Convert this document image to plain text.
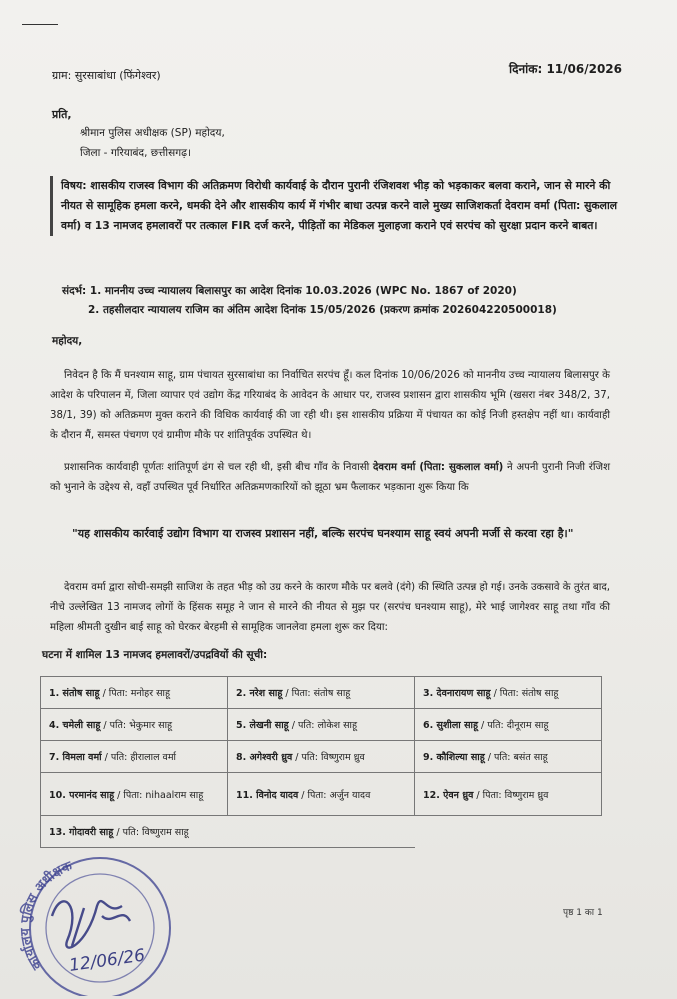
ग्राम: सुरसाबांधा (फिंगेश्वर)	दिनांक: 11/06/2026
प्रति,
श्रीमान पुलिस अधीक्षक (SP) महोदय,
जिला - गरियाबंद, छत्तीसगढ़।
विषय: शासकीय राजस्व विभाग की अतिक्रमण विरोधी कार्यवाई के दौरान पुरानी रंजिशवश भीड़ को भड़काकर बलवा कराने, जान से मारने की नीयत से सामूहिक हमला करने, धमकी देने और शासकीय कार्य में गंभीर बाधा उत्पन्न करने वाले मुख्य साजिशकर्ता देवराम वर्मा (पिता: सुकलाल वर्मा) व 13 नामजद हमलावरों पर तत्काल FIR दर्ज करने, पीड़ितों का मेडिकल मुलाहजा कराने एवं सरपंच को सुरक्षा प्रदान करने बाबत।
संदर्भ: 1. माननीय उच्च न्यायालय बिलासपुर का आदेश दिनांक 10.03.2026 (WPC No. 1867 of 2020)
2. तहसीलदार न्यायालय राजिम का अंतिम आदेश दिनांक 15/05/2026 (प्रकरण क्रमांक 202604220500018)
महोदय,
निवेदन है कि मैं घनश्याम साहू, ग्राम पंचायत सुरसाबांधा का निर्वाचित सरपंच हूँ। कल दिनांक 10/06/2026 को माननीय उच्च न्यायालय बिलासपुर के आदेश के परिपालन में, जिला व्यापार एवं उद्योग केंद्र गरियाबंद के आवेदन के आधार पर, राजस्व प्रशासन द्वारा शासकीय भूमि (खसरा नंबर 348/2, 37, 38/1, 39) को अतिक्रमण मुक्त कराने की विधिक कार्यवाई की जा रही थी। इस शासकीय प्रक्रिया में पंचायत का कोई निजी हस्तक्षेप नहीं था। कार्यवाही के दौरान मैं, समस्त पंचगण एवं ग्रामीण मौके पर शांतिपूर्वक उपस्थित थे।
प्रशासनिक कार्यवाही पूर्णतः शांतिपूर्ण ढंग से चल रही थी, इसी बीच गाँव के निवासी देवराम वर्मा (पिता: सुकलाल वर्मा) ने अपनी पुरानी निजी रंजिश को भुनाने के उद्देश्य से, वहाँ उपस्थित पूर्व निर्धारित अतिक्रमणकारियों को झूठा भ्रम फैलाकर भड़काना शुरू किया कि
"यह शासकीय कार्रवाई उद्योग विभाग या राजस्व प्रशासन नहीं, बल्कि सरपंच घनश्याम साहू स्वयं अपनी मर्जी से करवा रहा है।"
देवराम वर्मा द्वारा सोची-समझी साजिश के तहत भीड़ को उग्र करने के कारण मौके पर बलवे (दंगे) की स्थिति उत्पन्न हो गई। उनके उकसावे के तुरंत बाद, नीचे उल्लेखित 13 नामजद लोगों के हिंसक समूह ने जान से मारने की नीयत से मुझ पर (सरपंच घनश्याम साहू), मेरे भाई जागेश्वर साहू तथा गाँव की महिला श्रीमती दुखीन बाई साहू को घेरकर बेरहमी से सामूहिक जानलेवा हमला शुरू कर दिया:
घटना में शामिल 13 नामजद हमलावरों/उपद्रवियों की सूची:
1. संतोष साहू / पिता: मनोहर साहू	2. नरेश साहू / पिता: संतोष साहू	3. देवनारायण साहू / पिता: संतोष साहू
4. चमेली साहू / पति: भेकुमार साहू	5. लेखनी साहू / पति: लोकेश साहू	6. सुशीला साहू / पति: दीनूराम साहू
7. विमला वर्मा / पति: हीरालाल वर्मा	8. अगेश्वरी ध्रुव / पति: विष्णुराम ध्रुव	9. कौशिल्या साहू / पति: बसंत साहू
10. परमानंद साहू / पिता: nihaalराम साहू	11. विनोद यादव / पिता: अर्जुन यादव	12. ऐवन ध्रुव / पिता: विष्णुराम ध्रुव
13. गोदावरी साहू / पति: विष्णुराम साहू		
पृष्ठ 1 का 1
कार्यालय पुलिस अधीक्षक
12/06/26
